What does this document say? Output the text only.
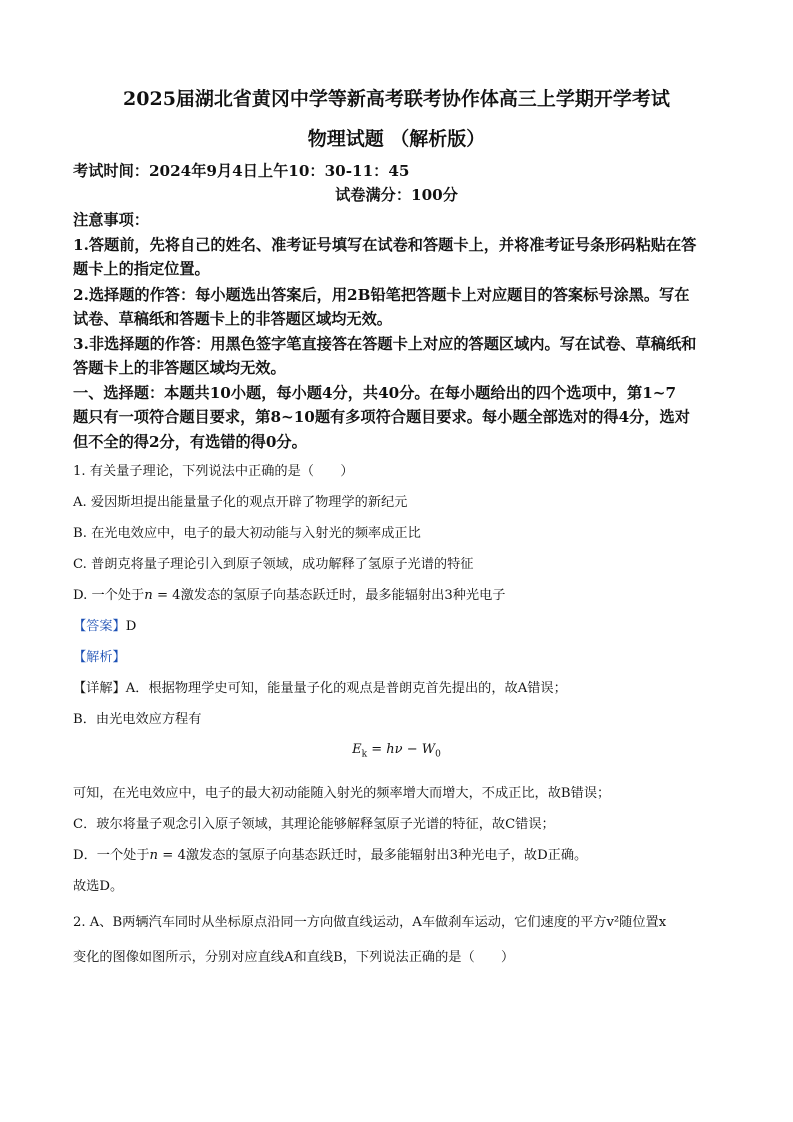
2025届湖北省黄冈中学等新高考联考协作体高三上学期开学考试
物理试题 （解析版）
考试时间：2024年9月4日上午10：30-11：45
试卷满分：100分
注意事项：
1.答题前，先将自己的姓名、准考证号填写在试卷和答题卡上，并将准考证号条形码粘贴在答
题卡上的指定位置。
2.选择题的作答：每小题选出答案后，用2B铅笔把答题卡上对应题目的答案标号涂黑。写在
试卷、草稿纸和答题卡上的非答题区域均无效。
3.非选择题的作答：用黑色签字笔直接答在答题卡上对应的答题区域内。写在试卷、草稿纸和
答题卡上的非答题区域均无效。
一、选择题：本题共10小题，每小题4分，共40分。在每小题给出的四个选项中，第1~7
题只有一项符合题目要求，第8~10题有多项符合题目要求。每小题全部选对的得4分，选对
但不全的得2分，有选错的得0分。
1. 有关量子理论，下列说法中正确的是（　　）
A. 爱因斯坦提出能量量子化的观点开辟了物理学的新纪元
B. 在光电效应中，电子的最大初动能与入射光的频率成正比
C. 普朗克将量子理论引入到原子领域，成功解释了氢原子光谱的特征
D. 一个处于n = 4激发态的氢原子向基态跃迁时，最多能辐射出3种光电子
【答案】D
【解析】
【详解】A．根据物理学史可知，能量量子化的观点是普朗克首先提出的，故A错误；
B．由光电效应方程有
$E_k = h\nu - W_0$
可知，在光电效应中，电子的最大初动能随入射光的频率增大而增大，不成正比，故B错误；
C．玻尔将量子观念引入原子领域，其理论能够解释氢原子光谱的特征，故C错误；
D．一个处于n = 4激发态的氢原子向基态跃迁时，最多能辐射出3种光电子，故D正确。
故选D。
2. A、B两辆汽车同时从坐标原点沿同一方向做直线运动，A车做刹车运动，它们速度的平方v²随位置x
变化的图像如图所示，分别对应直线A和直线B，下列说法正确的是（　　）
